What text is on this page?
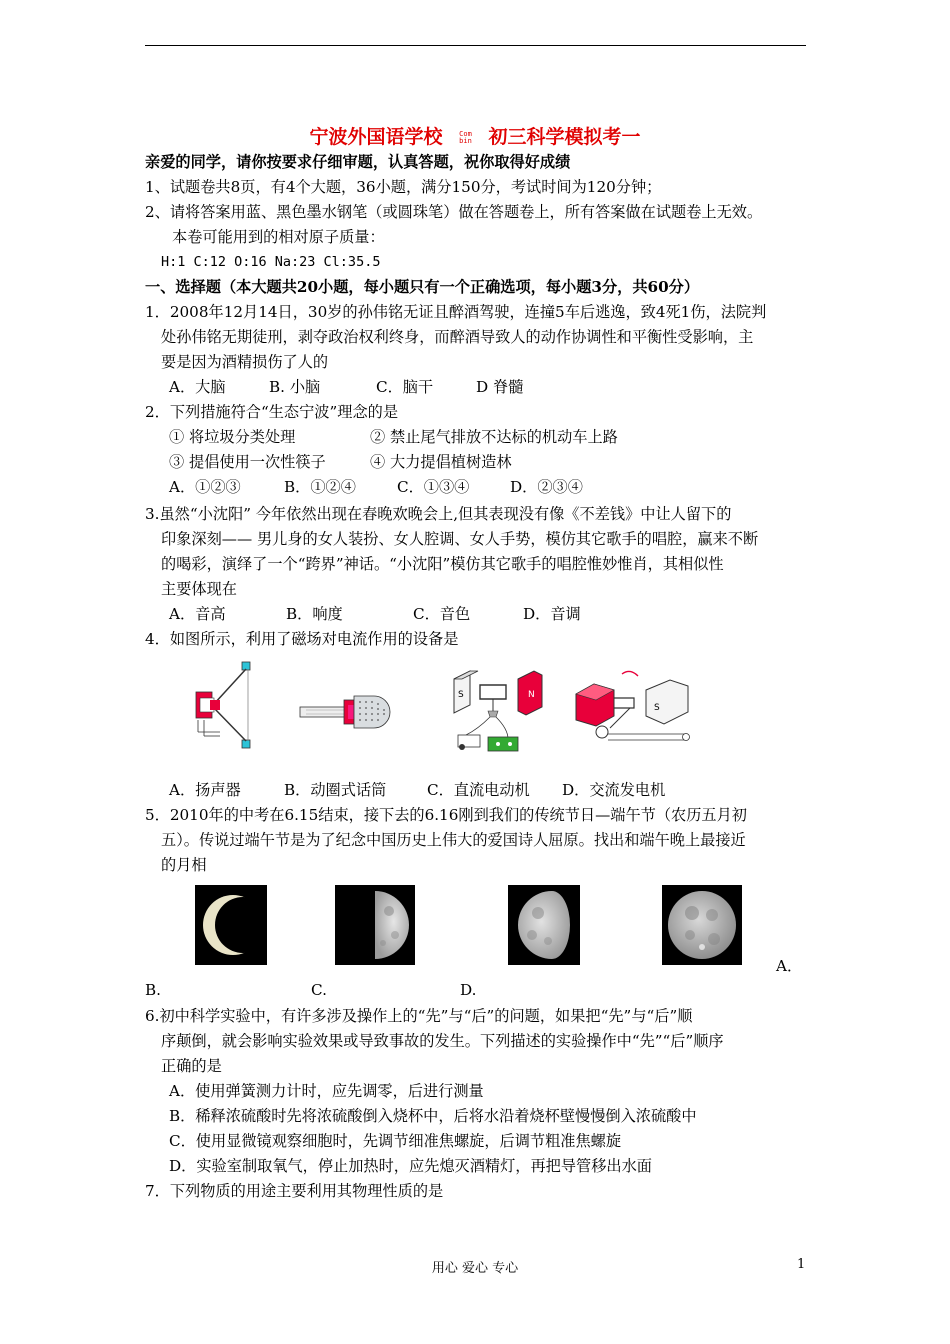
宁波外国语学校 Com
bin 初三科学模拟考一
亲爱的同学，请你按要求仔细审题，认真答题，祝你取得好成绩
1、试题卷共8页，有4个大题，36小题，满分150分，考试时间为120分钟；
2、请将答案用蓝、黑色墨水钢笔（或圆珠笔）做在答题卷上，所有答案做在试题卷上无效。
本卷可能用到的相对原子质量：
H:1 C:12 O:16 Na:23 Cl:35.5
一、选择题（本大题共20小题，每小题只有一个正确选项，每小题3分，共60分）
1．2008年12月14日，30岁的孙伟铭无证且醉酒驾驶，连撞5车后逃逸，致4死1伤，法院判
处孙伟铭无期徒刑，剥夺政治权利终身，而醉酒导致人的动作协调性和平衡性受影响，主
要是因为酒精损伤了人的
A．大脑	B. 小脑	C．脑干	D 脊髓
2．下列措施符合“生态宁波”理念的是
① 将垃圾分类处理	② 禁止尾气排放不达标的机动车上路
③ 提倡使用一次性筷子	④ 大力提倡植树造林
A．①②③	B．①②④	C．①③④	D．②③④
3.虽然“小沈阳” 今年依然出现在春晚欢晚会上,但其表现没有像《不差钱》中让人留下的
印象深刻—— 男儿身的女人装扮、女人腔调、女人手势，模仿其它歌手的唱腔，赢来不断
的喝彩，演绎了一个“跨界”神话。“小沈阳”模仿其它歌手的唱腔惟妙惟肖，其相似性
主要体现在
A．音高	B．响度	C．音色	D．音调
4．如图所示，利用了磁场对电流作用的设备是
S	N
S
A．扬声器	B．动圈式话筒	C．直流电动机 D．交流发电机
5．2010年的中考在6.15结束，接下去的6.16刚到我们的传统节日—端午节（农历五月初
五）。传说过端午节是为了纪念中国历史上伟大的爱国诗人屈原。找出和端午晚上最接近
的月相
A．
B.	C.	D.
6.初中科学实验中，有许多涉及操作上的“先”与“后”的问题，如果把“先”与“后”顺
序颠倒，就会影响实验效果或导致事故的发生。下列描述的实验操作中“先”“后”顺序
正确的是
A．使用弹簧测力计时，应先调零，后进行测量
B．稀释浓硫酸时先将浓硫酸倒入烧杯中，后将水沿着烧杯壁慢慢倒入浓硫酸中
C．使用显微镜观察细胞时，先调节细准焦螺旋，后调节粗准焦螺旋
D．实验室制取氧气，停止加热时，应先熄灭酒精灯，再把导管移出水面
7．下列物质的用途主要利用其物理性质的是
用心 爱心 专心	1
